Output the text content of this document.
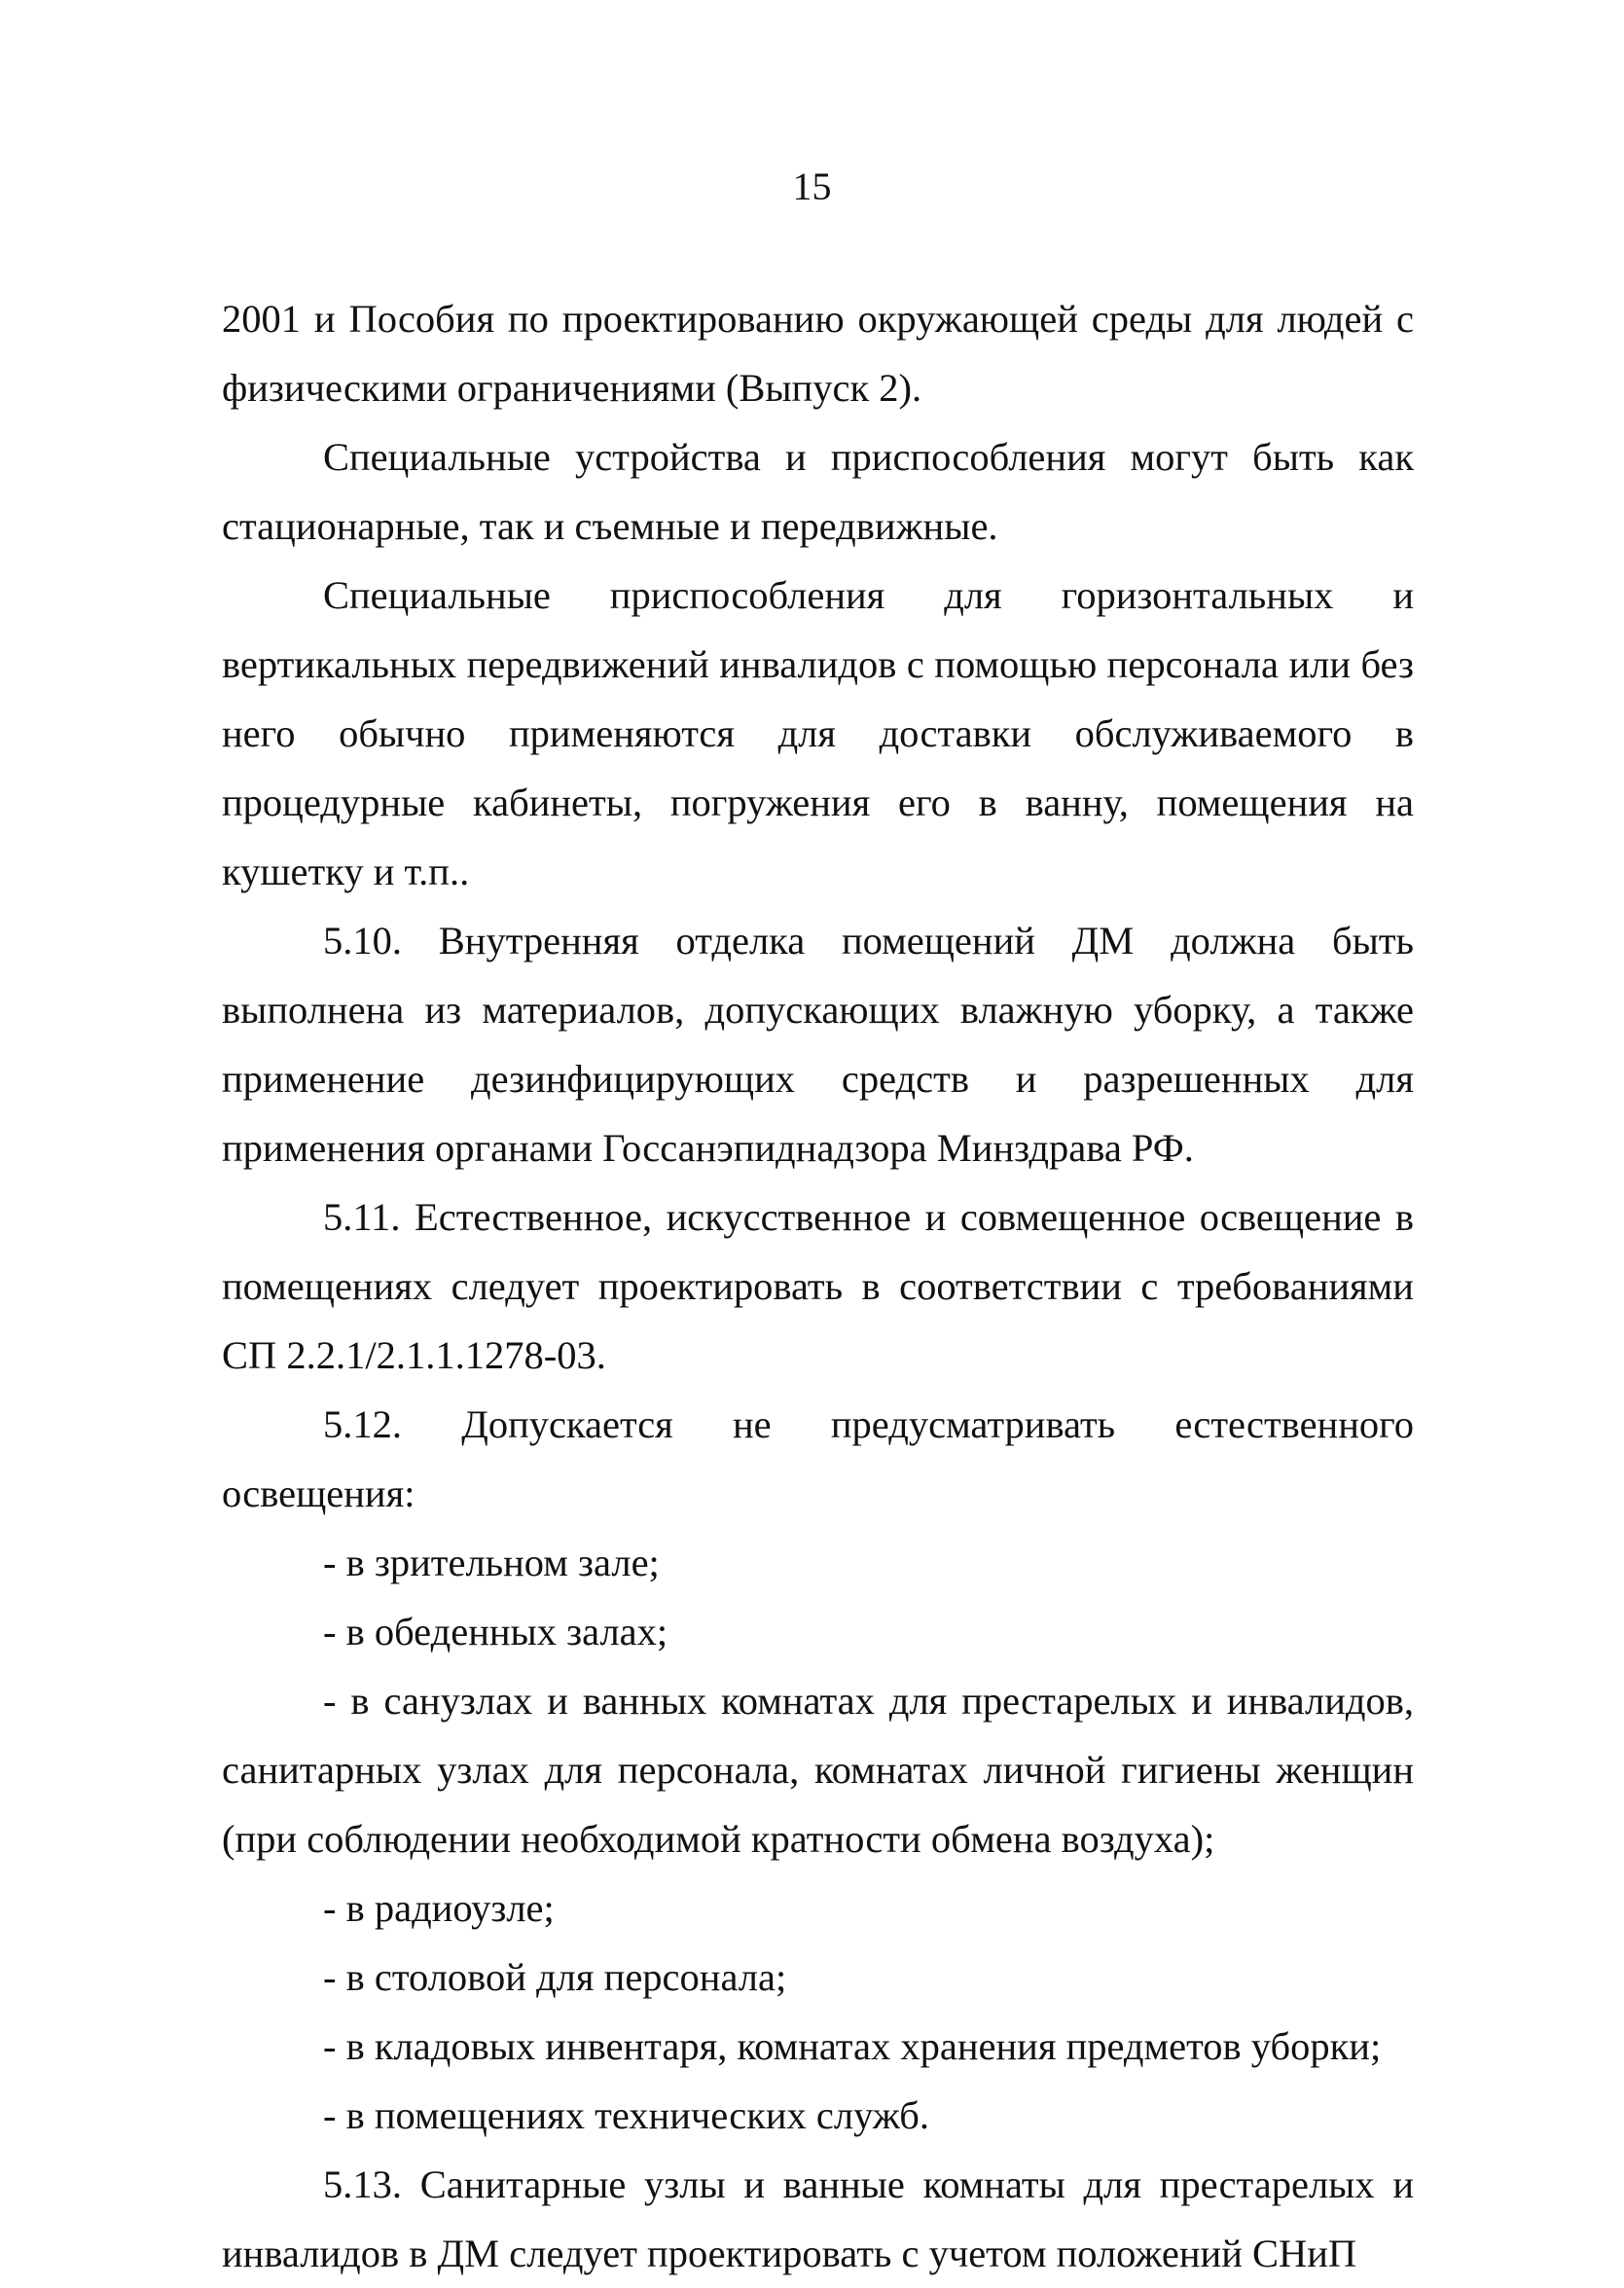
15

2001 и Пособия по проектированию окружающей среды для людей с физическими ограничениями (Выпуск 2).

Специальные устройства и приспособления могут быть как стационарные, так и съемные и передвижные.

Специальные приспособления для горизонтальных и вертикальных передвижений инвалидов с помощью персонала или без него обычно применяются для доставки обслуживаемого в процедурные кабинеты, погружения его в ванну, помещения на кушетку и т.п..

5.10. Внутренняя отделка помещений ДМ должна быть выполнена из материалов, допускающих влажную уборку, а также применение дезинфицирующих средств и разрешенных для применения органами Госсанэпиднадзора Минздрава РФ.

5.11. Естественное, искусственное и совмещенное освещение в помещениях следует проектировать в соответствии с требованиями СП 2.2.1/2.1.1.1278-03.

5.12. Допускается не предусматривать естественного освещения:

- в зрительном зале;

- в обеденных залах;

- в санузлах и ванных комнатах для престарелых и инвалидов, санитарных узлах для персонала, комнатах личной гигиены женщин (при соблюдении необходимой кратности обмена воздуха);

- в радиоузле;

- в столовой для персонала;

- в кладовых инвентаря, комнатах хранения предметов уборки;

- в помещениях технических служб.

5.13. Санитарные узлы и ванные комнаты для престарелых и инвалидов в ДМ следует проектировать с учетом положений СНиП
